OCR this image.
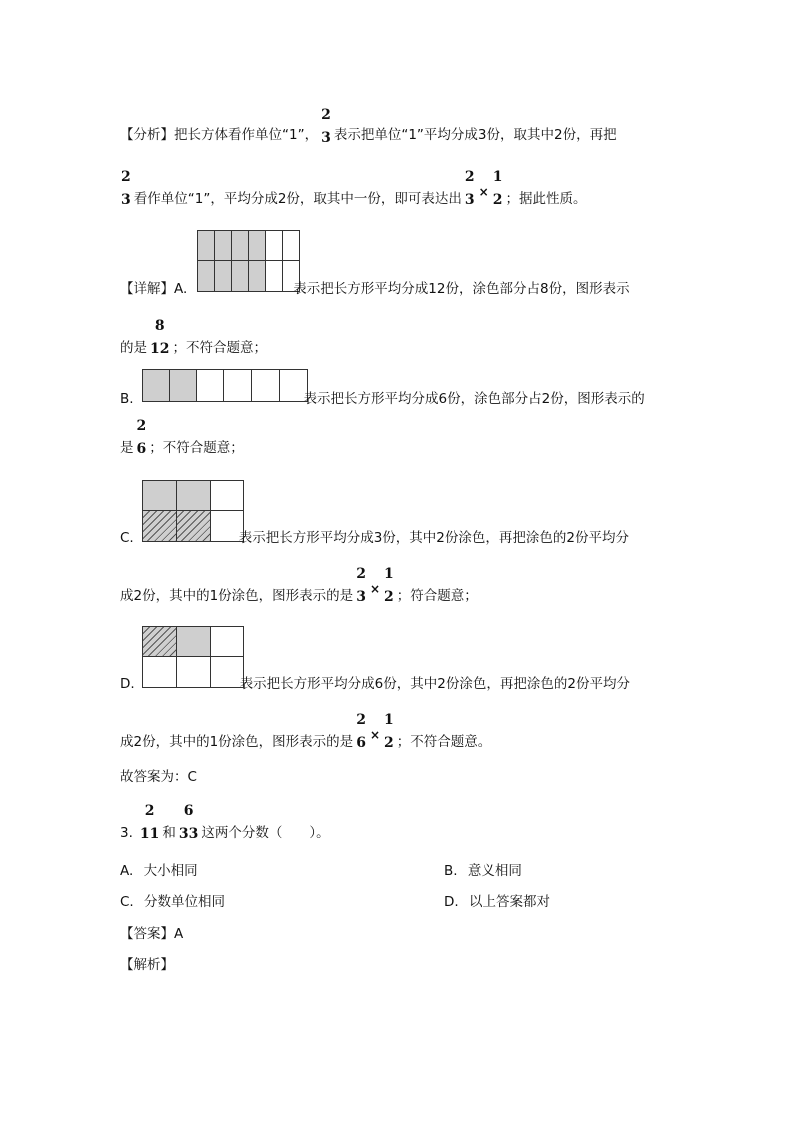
【分析】 把长方体看作单位“1”，
2
3 表示把单位“1”平均分成3份，取其中2份，再把
2
3 看作单位“1”，平均分成2份，取其中一份，即可表达出
2
3 ×
1
2 ；据此性质。
【详解】 A.	表示把长方形平均分成12份，涂色部分占8份，图形表示
的是
8
12 ；不符合题意；
B.	表示把长方形平均分成6份，涂色部分占2份，图形表示的
是
2
6 ；不符合题意；
C.	表示把长方形平均分成3份，其中2份涂色，再把涂色的2份平均分
成2份，其中的1份涂色，图形表示的是
2
3 ×
1
2 ；符合题意；
D.	表示把长方形平均分成6份，其中2份涂色，再把涂色的2份平均分
成2份，其中的1份涂色，图形表示的是
2
6 ×
1
2 ；不符合题意。
故答案为：C
3.
2
11 和
6
33 这两个分数（　　）。
A. 大小相同	B. 意义相同
C. 分数单位相同	D. 以上答案都对
【答案】A
【解析】
